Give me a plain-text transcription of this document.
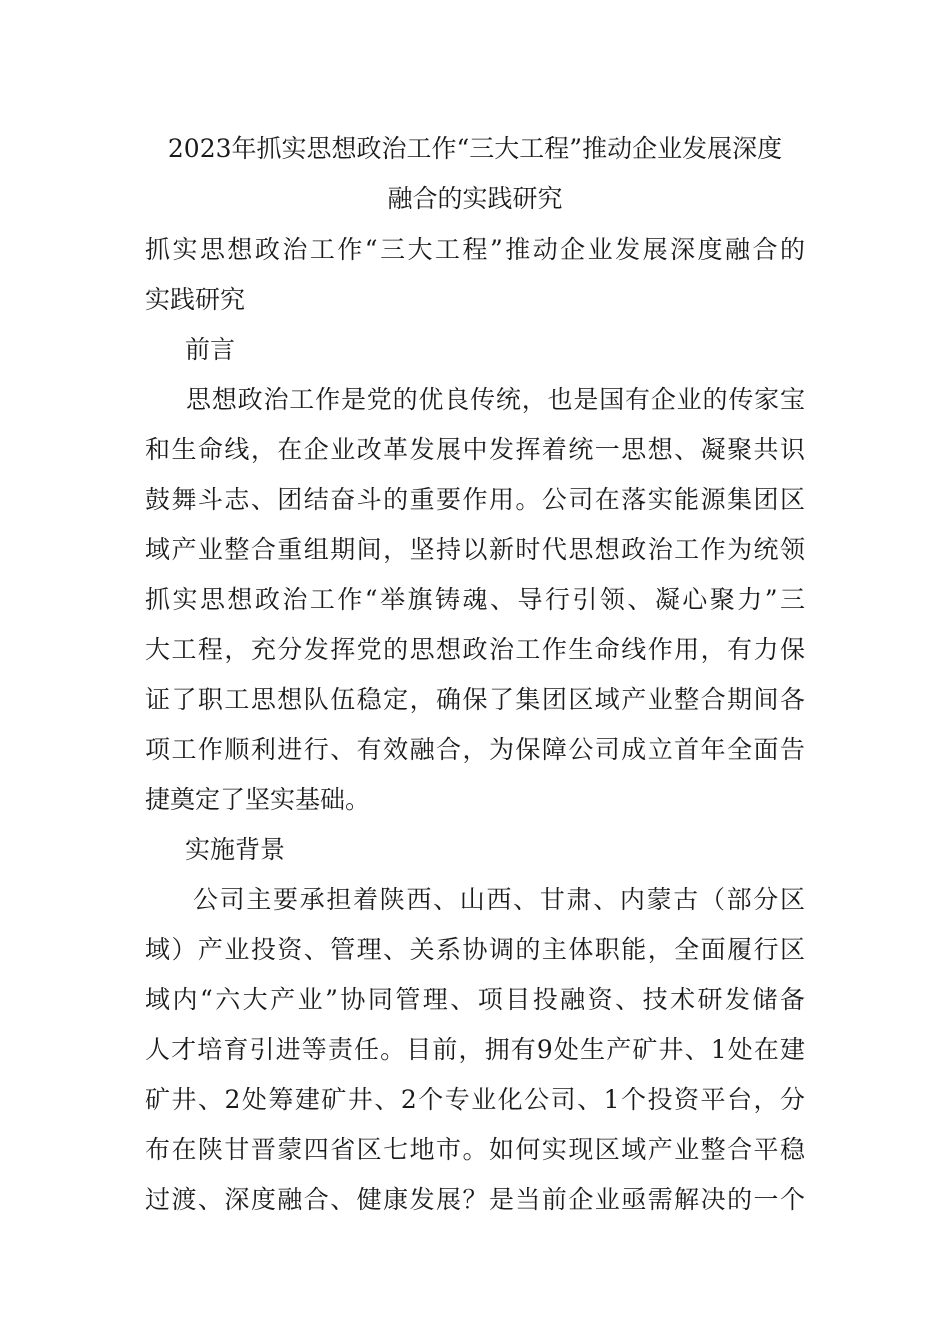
2023年抓实思想政治工作“三大工程”推动企业发展深度
融合的实践研究
抓实思想政治工作“三大工程”推动企业发展深度融合的
实践研究
前言
思想政治工作是党的优良传统，也是国有企业的传家宝
和生命线，在企业改革发展中发挥着统一思想、凝聚共识
鼓舞斗志、团结奋斗的重要作用。公司在落实能源集团区
域产业整合重组期间，坚持以新时代思想政治工作为统领
抓实思想政治工作“举旗铸魂、导行引领、凝心聚力”三
大工程，充分发挥党的思想政治工作生命线作用，有力保
证了职工思想队伍稳定，确保了集团区域产业整合期间各
项工作顺利进行、有效融合，为保障公司成立首年全面告
捷奠定了坚实基础。
实施背景
公司主要承担着陕西、山西、甘肃、内蒙古（部分区
域）产业投资、管理、关系协调的主体职能，全面履行区
域内“六大产业”协同管理、项目投融资、技术研发储备
人才培育引进等责任。目前，拥有9处生产矿井、1处在建
矿井、2处筹建矿井、2个专业化公司、1个投资平台，分
布在陕甘晋蒙四省区七地市。如何实现区域产业整合平稳
过渡、深度融合、健康发展？是当前企业亟需解决的一个
